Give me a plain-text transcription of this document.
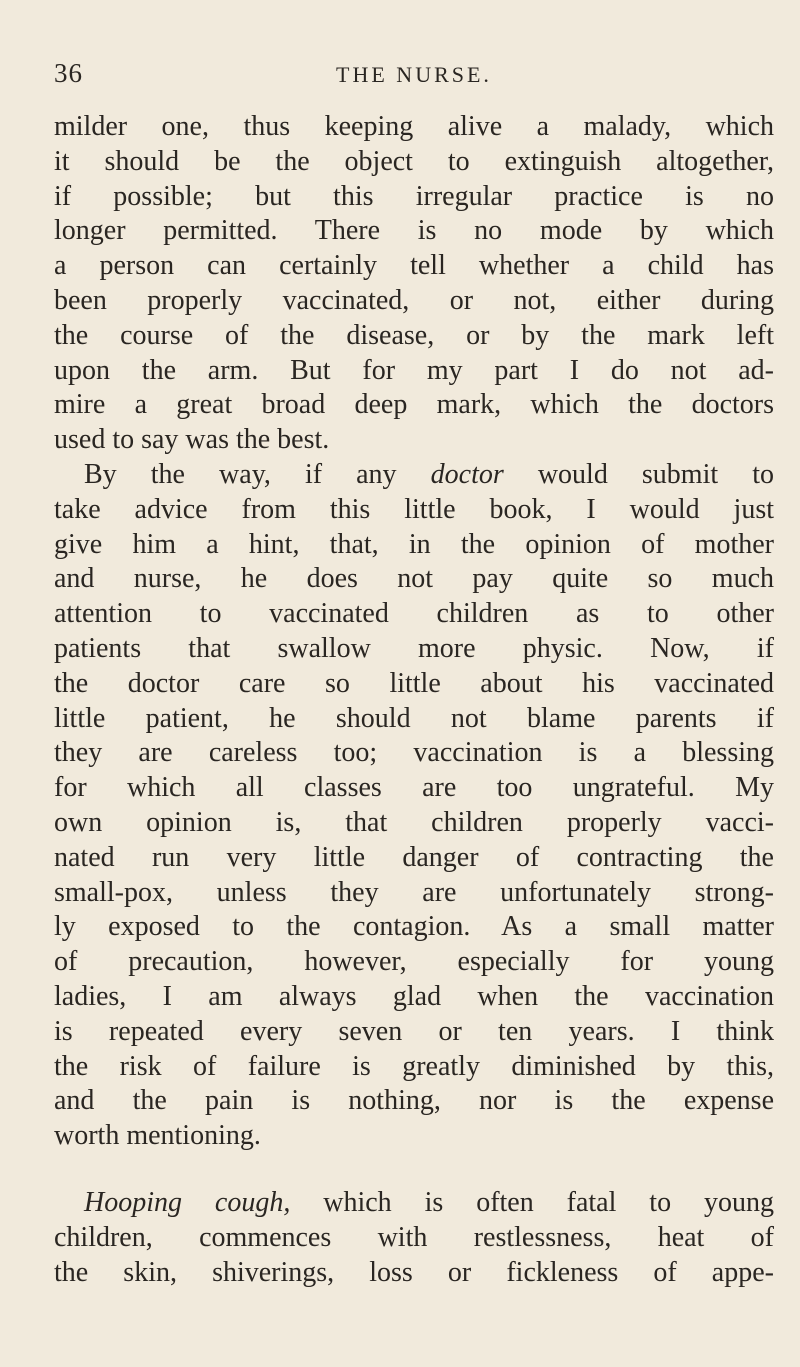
36	THE NURSE.
milder one, thus keeping alive a malady, which
it should be the object to extinguish altogether,
if possible; but this irregular practice is no
longer permitted. There is no mode by which
a person can certainly tell whether a child has
been properly vaccinated, or not, either during
the course of the disease, or by the mark left
upon the arm. But for my part I do not ad-
mire a great broad deep mark, which the doctors
used to say was the best.
By the way, if any doctor would submit to
take advice from this little book, I would just
give him a hint, that, in the opinion of mother
and nurse, he does not pay quite so much
attention to vaccinated children as to other
patients that swallow more physic. Now, if
the doctor care so little about his vaccinated
little patient, he should not blame parents if
they are careless too; vaccination is a blessing
for which all classes are too ungrateful. My
own opinion is, that children properly vacci-
nated run very little danger of contracting the
small-pox, unless they are unfortunately strong-
ly exposed to the contagion. As a small matter
of precaution, however, especially for young
ladies, I am always glad when the vaccination
is repeated every seven or ten years. I think
the risk of failure is greatly diminished by this,
and the pain is nothing, nor is the expense
worth mentioning.
Hooping cough, which is often fatal to young
children, commences with restlessness, heat of
the skin, shiverings, loss or fickleness of appe-
